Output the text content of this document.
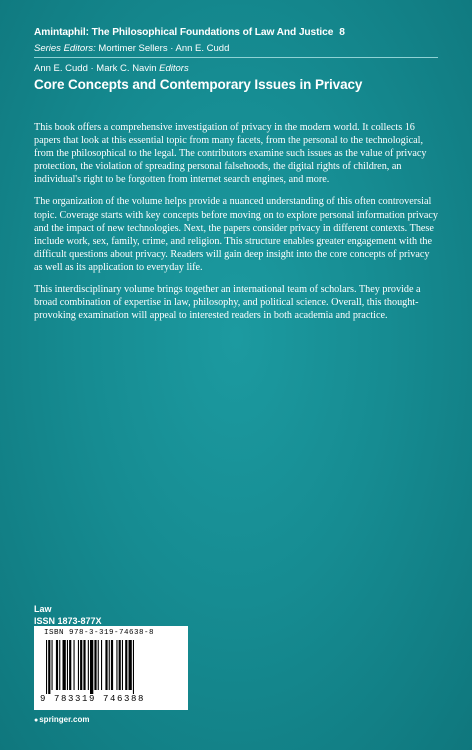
Amintaphil: The Philosophical Foundations of Law And Justice 8
Series Editors: Mortimer Sellers · Ann E. Cudd
Ann E. Cudd · Mark C. Navin Editors
Core Concepts and Contemporary Issues in Privacy

This book offers a comprehensive investigation of privacy in the modern world. It collects 16 papers that look at this essential topic from many facets, from the personal to the technological, from the philosophical to the legal. The contributors examine such issues as the value of privacy protection, the violation of spreading personal falsehoods, the digital rights of children, an individual's right to be forgotten from internet search engines, and more.

The organization of the volume helps provide a nuanced understanding of this often controversial topic. Coverage starts with key concepts before moving on to explore personal information privacy and the impact of new technologies. Next, the papers consider privacy in different contexts. These include work, sex, family, crime, and religion. This structure enables greater engagement with the difficult questions about privacy. Readers will gain deep insight into the core concepts of privacy as well as its application to everyday life.

This interdisciplinary volume brings together an international team of scholars. They provide a broad combination of expertise in law, philosophy, and political science. Overall, this thought-provoking examination will appeal to interested readers in both academia and practice.

Law
ISSN 1873-877X
ISBN 978-3-319-74638-8
9 783319 746388
●springer.com
